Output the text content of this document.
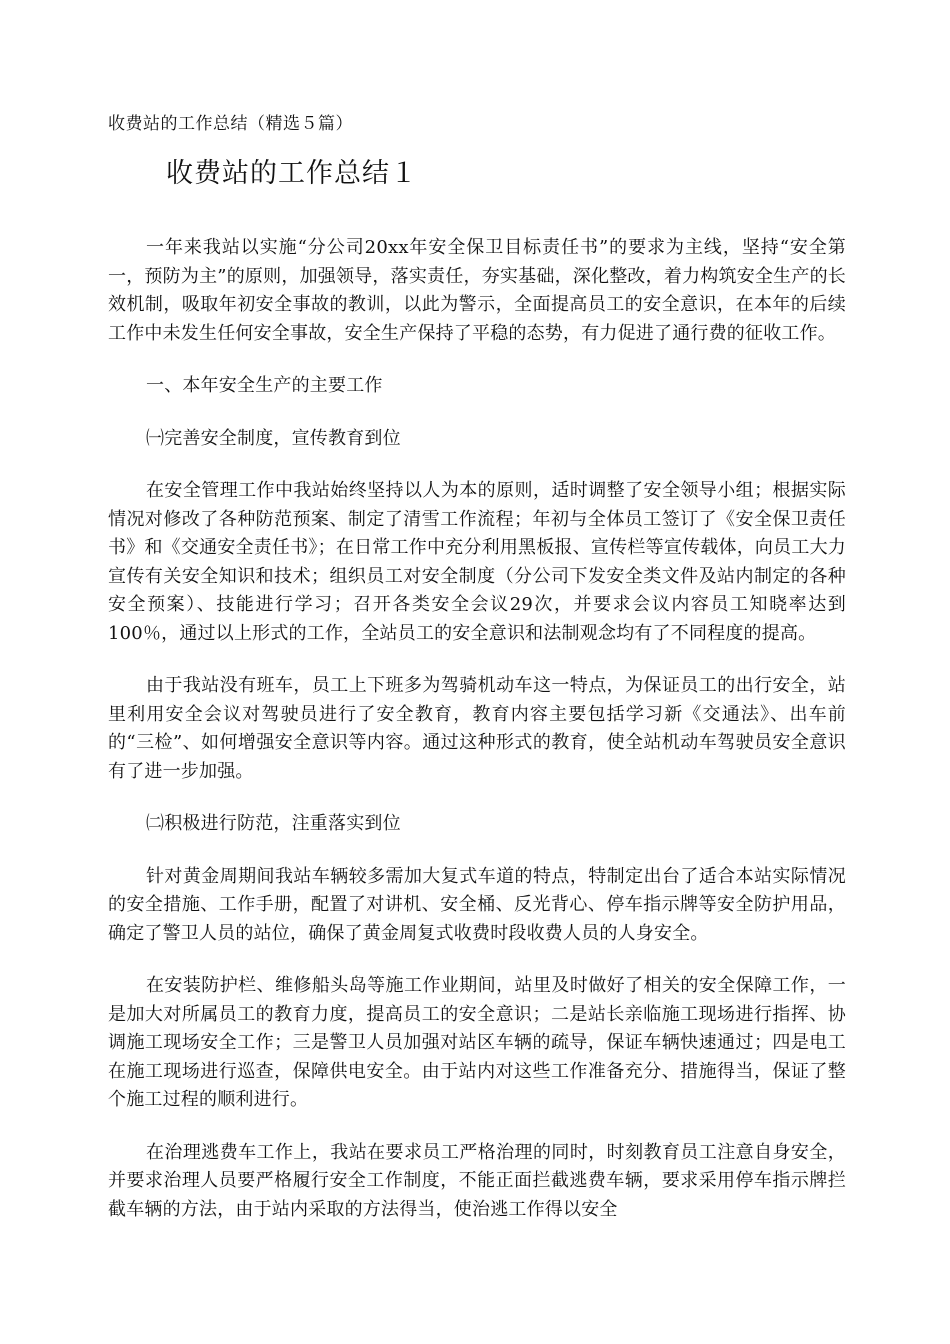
收费站的工作总结（精选５篇）

收费站的工作总结１

一年来我站以实施“分公司20xx年安全保卫目标责任书”的要求为主线，坚持“安全第一，预防为主”的原则，加强领导，落实责任，夯实基础，深化整改，着力构筑安全生产的长效机制，吸取年初安全事故的教训，以此为警示，全面提高员工的安全意识，在本年的后续工作中未发生任何安全事故，安全生产保持了平稳的态势，有力促进了通行费的征收工作。

一、本年安全生产的主要工作

㈠完善安全制度，宣传教育到位

在安全管理工作中我站始终坚持以人为本的原则，适时调整了安全领导小组；根据实际情况对修改了各种防范预案、制定了清雪工作流程；年初与全体员工签订了《安全保卫责任书》和《交通安全责任书》；在日常工作中充分利用黑板报、宣传栏等宣传载体，向员工大力宣传有关安全知识和技术；组织员工对安全制度（分公司下发安全类文件及站内制定的各种安全预案）、技能进行学习；召开各类安全会议29次，并要求会议内容员工知晓率达到100％，通过以上形式的工作，全站员工的安全意识和法制观念均有了不同程度的提高。

由于我站没有班车，员工上下班多为驾骑机动车这一特点，为保证员工的出行安全，站里利用安全会议对驾驶员进行了安全教育，教育内容主要包括学习新《交通法》、出车前的“三检”、如何增强安全意识等内容。通过这种形式的教育，使全站机动车驾驶员安全意识有了进一步加强。

㈡积极进行防范，注重落实到位

针对黄金周期间我站车辆较多需加大复式车道的特点，特制定出台了适合本站实际情况的安全措施、工作手册，配置了对讲机、安全桶、反光背心、停车指示牌等安全防护用品，确定了警卫人员的站位，确保了黄金周复式收费时段收费人员的人身安全。

在安装防护栏、维修船头岛等施工作业期间，站里及时做好了相关的安全保障工作，一是加大对所属员工的教育力度，提高员工的安全意识；二是站长亲临施工现场进行指挥、协调施工现场安全工作；三是警卫人员加强对站区车辆的疏导，保证车辆快速通过；四是电工在施工现场进行巡查，保障供电安全。由于站内对这些工作准备充分、措施得当，保证了整个施工过程的顺利进行。

在治理逃费车工作上，我站在要求员工严格治理的同时，时刻教育员工注意自身安全，并要求治理人员要严格履行安全工作制度，不能正面拦截逃费车辆，要求采用停车指示牌拦截车辆的方法，由于站内采取的方法得当，使治逃工作得以安全
